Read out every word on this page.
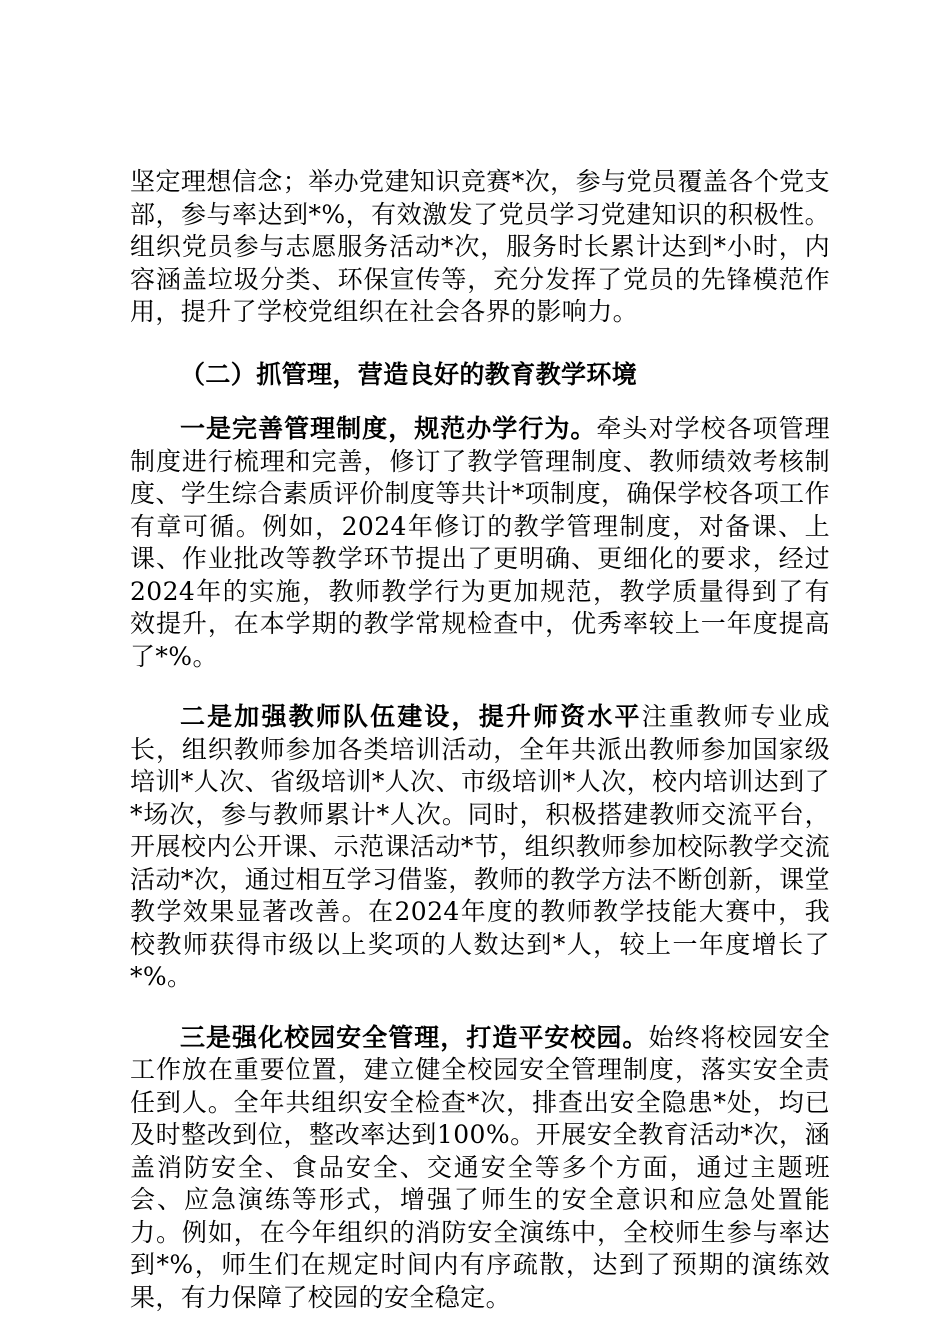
坚定理想信念；举办党建知识竞赛*次，参与党员覆盖各个党支部，参与率达到*%，有效激发了党员学习党建知识的积极性。组织党员参与志愿服务活动*次，服务时长累计达到*小时，内容涵盖垃圾分类、环保宣传等，充分发挥了党员的先锋模范作用，提升了学校党组织在社会各界的影响力。

（二）抓管理，营造良好的教育教学环境

一是完善管理制度，规范办学行为。牵头对学校各项管理制度进行梳理和完善，修订了教学管理制度、教师绩效考核制度、学生综合素质评价制度等共计*项制度，确保学校各项工作有章可循。例如，2024年修订的教学管理制度，对备课、上课、作业批改等教学环节提出了更明确、更细化的要求，经过2024年的实施，教师教学行为更加规范，教学质量得到了有效提升，在本学期的教学常规检查中，优秀率较上一年度提高了*%。

二是加强教师队伍建设，提升师资水平注重教师专业成长，组织教师参加各类培训活动，全年共派出教师参加国家级培训*人次、省级培训*人次、市级培训*人次，校内培训达到了*场次，参与教师累计*人次。同时，积极搭建教师交流平台，开展校内公开课、示范课活动*节，组织教师参加校际教学交流活动*次，通过相互学习借鉴，教师的教学方法不断创新，课堂教学效果显著改善。在2024年度的教师教学技能大赛中，我校教师获得市级以上奖项的人数达到*人，较上一年度增长了*%。

三是强化校园安全管理，打造平安校园。始终将校园安全工作放在重要位置，建立健全校园安全管理制度，落实安全责任到人。全年共组织安全检查*次，排查出安全隐患*处，均已及时整改到位，整改率达到100%。开展安全教育活动*次，涵盖消防安全、食品安全、交通安全等多个方面，通过主题班会、应急演练等形式，增强了师生的安全意识和应急处置能力。例如，在今年组织的消防安全演练中，全校师生参与率达到*%，师生们在规定时间内有序疏散，达到了预期的演练效果，有力保障了校园的安全稳定。
